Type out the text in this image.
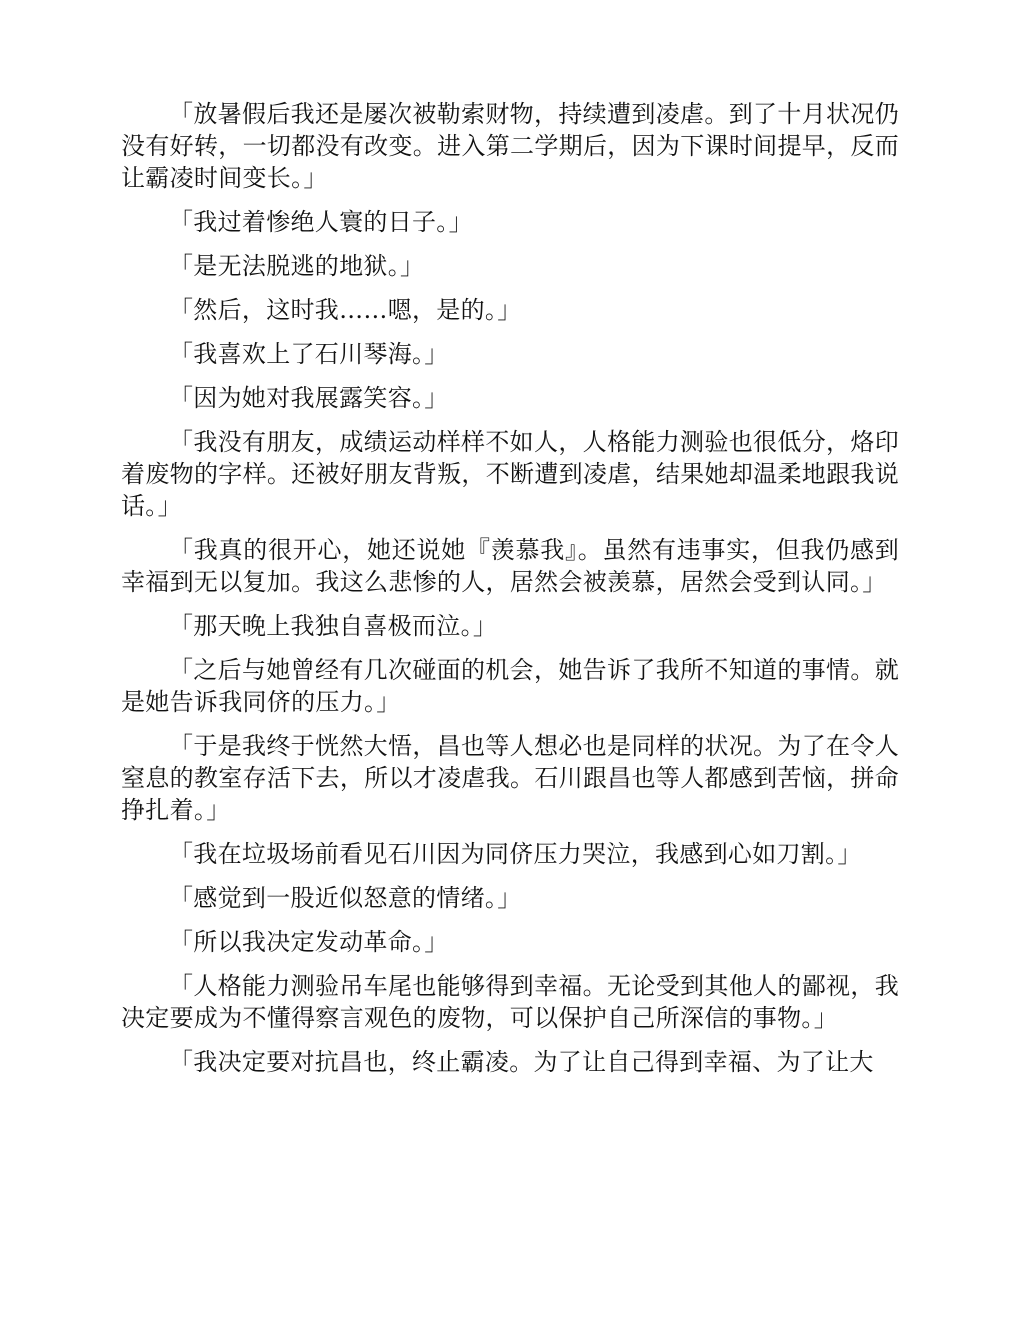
「放暑假后我还是屡次被勒索财物，持续遭到凌虐。到了十月状况仍没有好转，一切都没有改变。进入第二学期后，因为下课时间提早，反而让霸凌时间变长。」

「我过着惨绝人寰的日子。」

「是无法脱逃的地狱。」

「然后，这时我……嗯，是的。」

「我喜欢上了石川琴海。」

「因为她对我展露笑容。」

「我没有朋友，成绩运动样样不如人，人格能力测验也很低分，烙印着废物的字样。还被好朋友背叛，不断遭到凌虐，结果她却温柔地跟我说话。」

「我真的很开心，她还说她『羡慕我』。虽然有违事实，但我仍感到幸福到无以复加。我这么悲惨的人，居然会被羡慕，居然会受到认同。」

「那天晚上我独自喜极而泣。」

「之后与她曾经有几次碰面的机会，她告诉了我所不知道的事情。就是她告诉我同侪的压力。」

「于是我终于恍然大悟，昌也等人想必也是同样的状况。为了在令人窒息的教室存活下去，所以才凌虐我。石川跟昌也等人都感到苦恼，拼命挣扎着。」

「我在垃圾场前看见石川因为同侪压力哭泣，我感到心如刀割。」

「感觉到一股近似怒意的情绪。」

「所以我决定发动革命。」

「人格能力测验吊车尾也能够得到幸福。无论受到其他人的鄙视，我决定要成为不懂得察言观色的废物，可以保护自己所深信的事物。」

「我决定要对抗昌也，终止霸凌。为了让自己得到幸福、为了让大
